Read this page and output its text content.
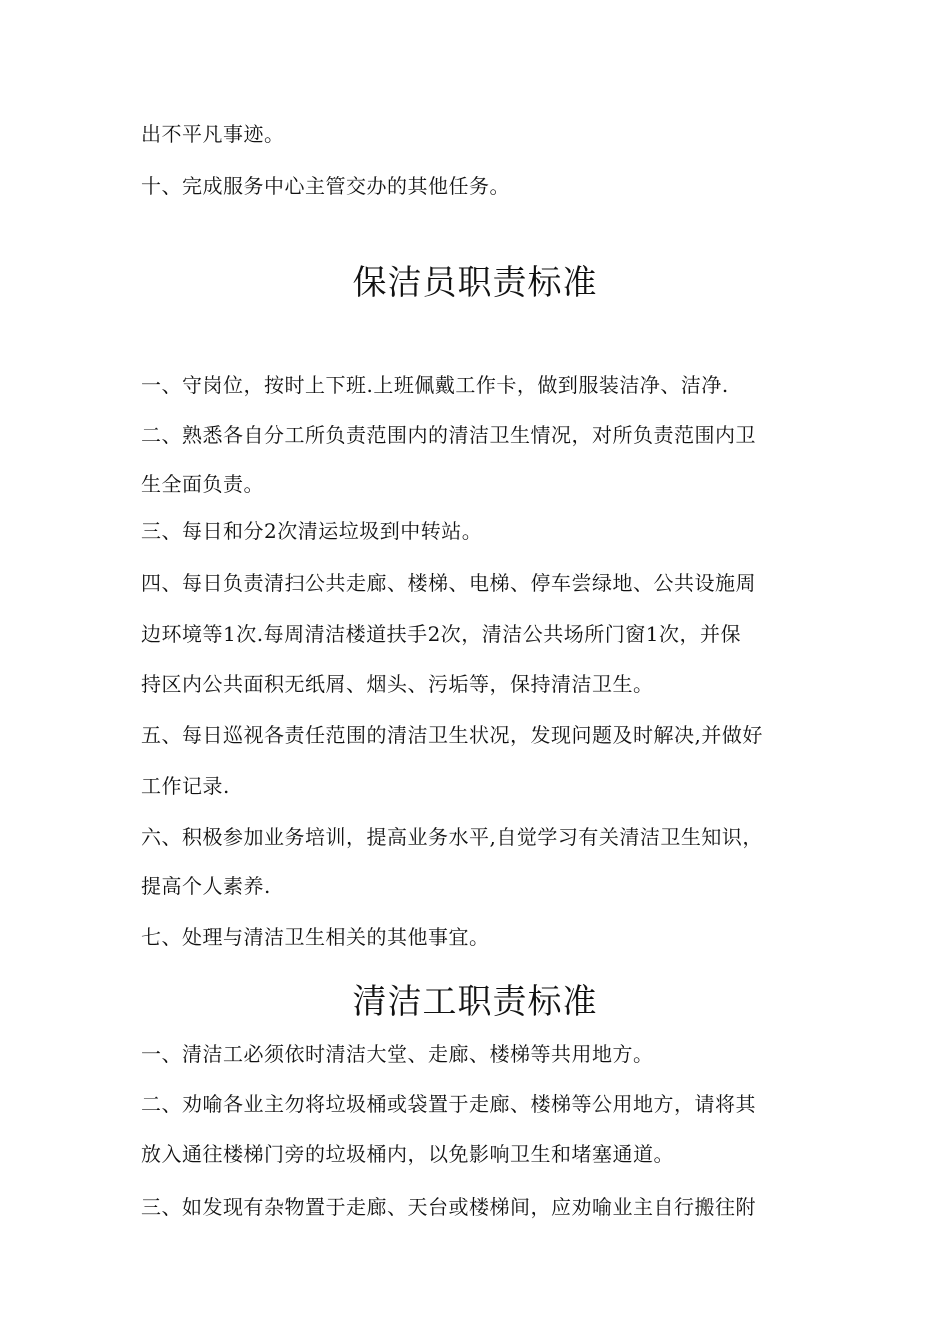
出不平凡事迹。
十、完成服务中心主管交办的其他任务。
保洁员职责标准
一、守岗位，按时上下班.上班佩戴工作卡，做到服装洁净、洁净.
二、熟悉各自分工所负责范围内的清洁卫生情况，对所负责范围内卫
生全面负责。
三、每日和分2次清运垃圾到中转站。
四、每日负责清扫公共走廊、楼梯、电梯、停车尝绿地、公共设施周
边环境等1次.每周清洁楼道扶手2次，清洁公共场所门窗1次，并保
持区内公共面积无纸屑、烟头、污垢等，保持清洁卫生。
五、每日巡视各责任范围的清洁卫生状况，发现问题及时解决,并做好
工作记录.
六、积极参加业务培训，提高业务水平,自觉学习有关清洁卫生知识，
提高个人素养.
七、处理与清洁卫生相关的其他事宜。
清洁工职责标准
一、清洁工必须依时清洁大堂、走廊、楼梯等共用地方。
二、劝喻各业主勿将垃圾桶或袋置于走廊、楼梯等公用地方，请将其
放入通往楼梯门旁的垃圾桶内，以免影响卫生和堵塞通道。
三、如发现有杂物置于走廊、天台或楼梯间，应劝喻业主自行搬往附
